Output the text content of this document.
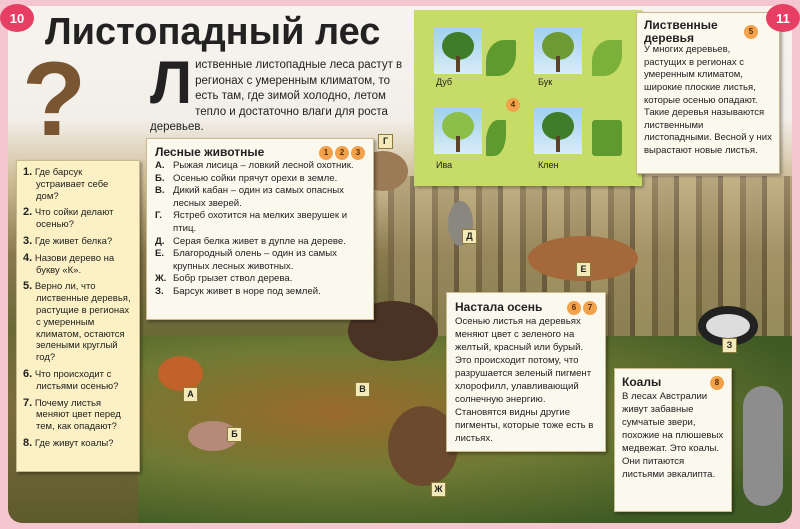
Листопадный лес
? Л иственные листопадные леса растут в регионах с умеренным климатом, то есть там, где зимой холодно, летом тепло и достаточно влаги для роста деревьев.
1. Где барсук устраивает себе дом?
2. Что сойки делают осенью?
3. Где живет белка?
4. Назови дерево на букву «К».
5. Верно ли, что лиственные деревья, растущие в регионах с умеренным климатом, остаются зелеными круглый год?
6. Что происходит с листьями осенью?
7. Почему листья меняют цвет перед тем, как опадают?
8. Где живут коалы?
Лесные животные	1 2 3
А. Рыжая лисица – ловкий лесной охотник.
Б. Осенью сойки прячут орехи в земле.
В. Дикий кабан – один из самых опасных лесных зверей.
Г.	Ястреб охотится на мелких зверушек и птиц.
Д. Серая белка живет в дупле на дереве.
Е. Благородный олень – один из самых крупных лесных животных.
Ж. Бобр грызет ствол дерева.
З. Барсук живет в норе под землей.
Дуб	Бук
4
Ива	Клен
Лиственные деревья	5
У многих деревьев, растущих в регионах с умеренным климатом, широкие плоские листья, которые осенью опадают. Такие деревья называются лиственными листопадными. Весной у них вырастают новые листья.
Настала осень	6 7
Осенью листья на деревьях меняют цвет с зеленого на желтый, красный или бурый. Это происходит потому, что разрушается зеленый пигмент хлорофилл, улавливающий солнечную энергию. Становятся видны другие пигменты, которые тоже есть в листьях.
Коалы	8
В лесах Австралии живут забавные сумчатые звери, похожие на плюшевых медвежат. Это коалы. Они питаются листьями эвкалипта.
А
Б
В
Г
Д
Е
Ж
З
10	11
